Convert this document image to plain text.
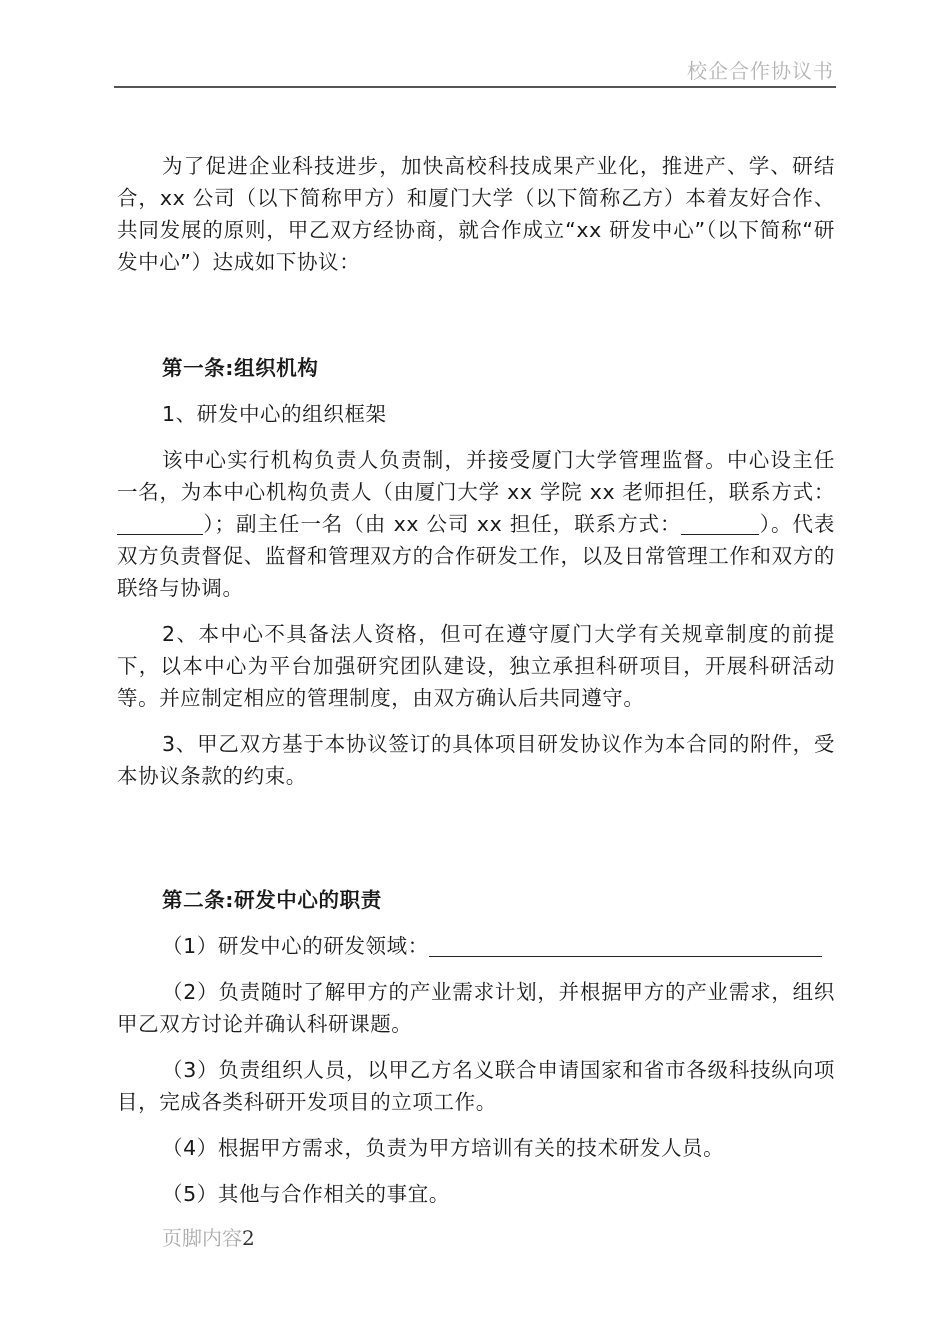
校企合作协议书

为了促进企业科技进步，加快高校科技成果产业化，推进产、学、研结合，xx 公司（以下简称甲方）和厦门大学（以下简称乙方）本着友好合作、共同发展的原则，甲乙双方经协商，就合作成立“xx 研发中心”（以下简称“研发中心”）达成如下协议：

第一条:组织机构

1、研发中心的组织框架

该中心实行机构负责人负责制，并接受厦门大学管理监督。中心设主任一名，为本中心机构负责人（由厦门大学 xx 学院 xx 老师担任，联系方式：）；副主任一名（由 xx 公司 xx 担任，联系方式：	）。代表双方负责督促、监督和管理双方的合作研发工作，以及日常管理工作和双方的联络与协调。

2、本中心不具备法人资格，但可在遵守厦门大学有关规章制度的前提下，以本中心为平台加强研究团队建设，独立承担科研项目，开展科研活动等。并应制定相应的管理制度，由双方确认后共同遵守。

3、甲乙双方基于本协议签订的具体项目研发协议作为本合同的附件，受本协议条款的约束。

第二条:研发中心的职责

（1）研发中心的研发领域：

（2）负责随时了解甲方的产业需求计划，并根据甲方的产业需求，组织甲乙双方讨论并确认科研课题。

（3）负责组织人员，以甲乙方名义联合申请国家和省市各级科技纵向项目，完成各类科研开发项目的立项工作。

（4）根据甲方需求，负责为甲方培训有关的技术研发人员。

（5）其他与合作相关的事宜。

页脚内容2
